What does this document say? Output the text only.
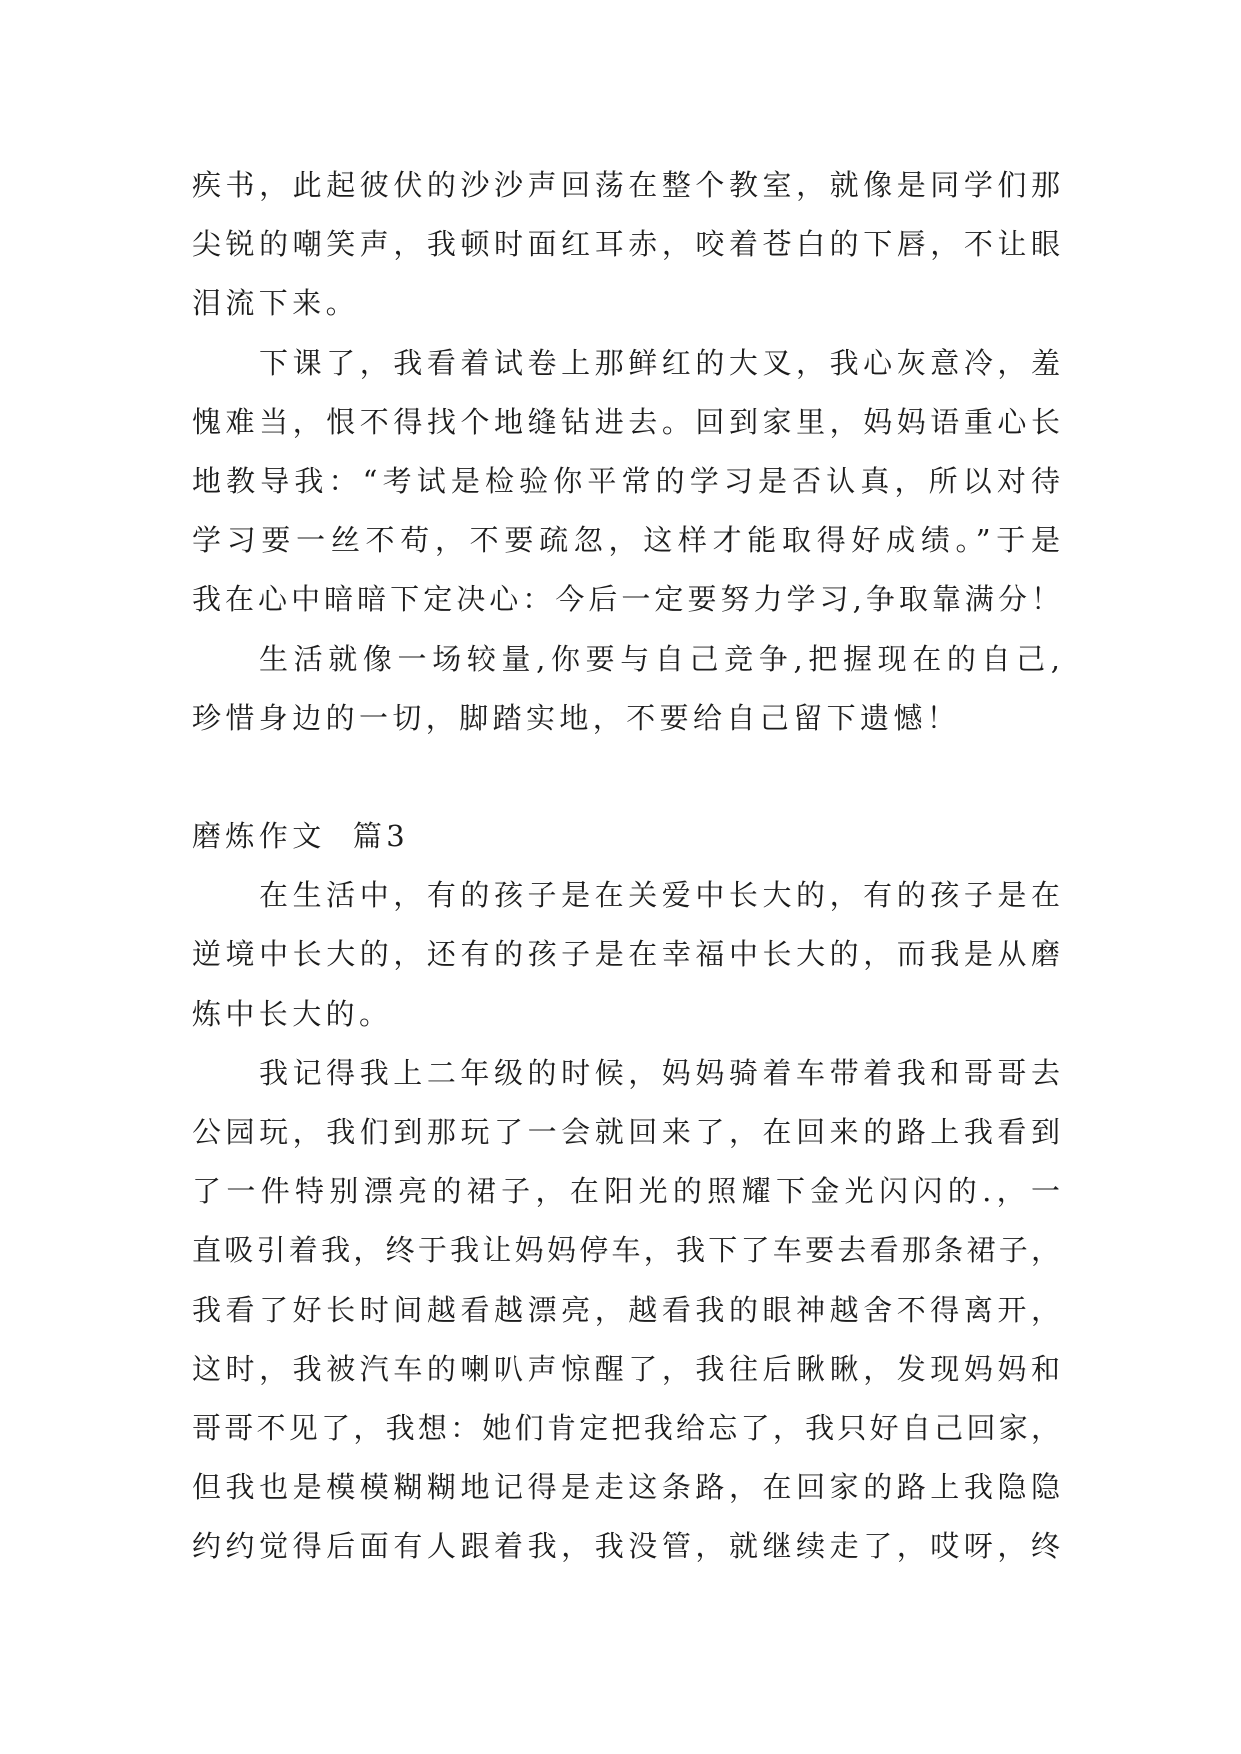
疾书，此起彼伏的沙沙声回荡在整个教室，就像是同学们那
尖锐的嘲笑声，我顿时面红耳赤，咬着苍白的下唇，不让眼
泪流下来。
下课了，我看着试卷上那鲜红的大叉，我心灰意冷，羞
愧难当，恨不得找个地缝钻进去。回到家里，妈妈语重心长
地教导我：“考试是检验你平常的学习是否认真，所以对待
学习要一丝不苟，不要疏忽，这样才能取得好成绩。”于是
我在心中暗暗下定决心：今后一定要努力学习,争取靠满分！
生活就像一场较量,你要与自己竞争,把握现在的自己,
珍惜身边的一切，脚踏实地，不要给自己留下遗憾！
磨炼作文  篇3
在生活中，有的孩子是在关爱中长大的，有的孩子是在
逆境中长大的，还有的孩子是在幸福中长大的，而我是从磨
炼中长大的。
我记得我上二年级的时候，妈妈骑着车带着我和哥哥去
公园玩，我们到那玩了一会就回来了，在回来的路上我看到
了一件特别漂亮的裙子，在阳光的照耀下金光闪闪的.，一
直吸引着我，终于我让妈妈停车，我下了车要去看那条裙子，
我看了好长时间越看越漂亮，越看我的眼神越舍不得离开，
这时，我被汽车的喇叭声惊醒了，我往后瞅瞅，发现妈妈和
哥哥不见了，我想：她们肯定把我给忘了，我只好自己回家，
但我也是模模糊糊地记得是走这条路，在回家的路上我隐隐
约约觉得后面有人跟着我，我没管，就继续走了，哎呀，终
